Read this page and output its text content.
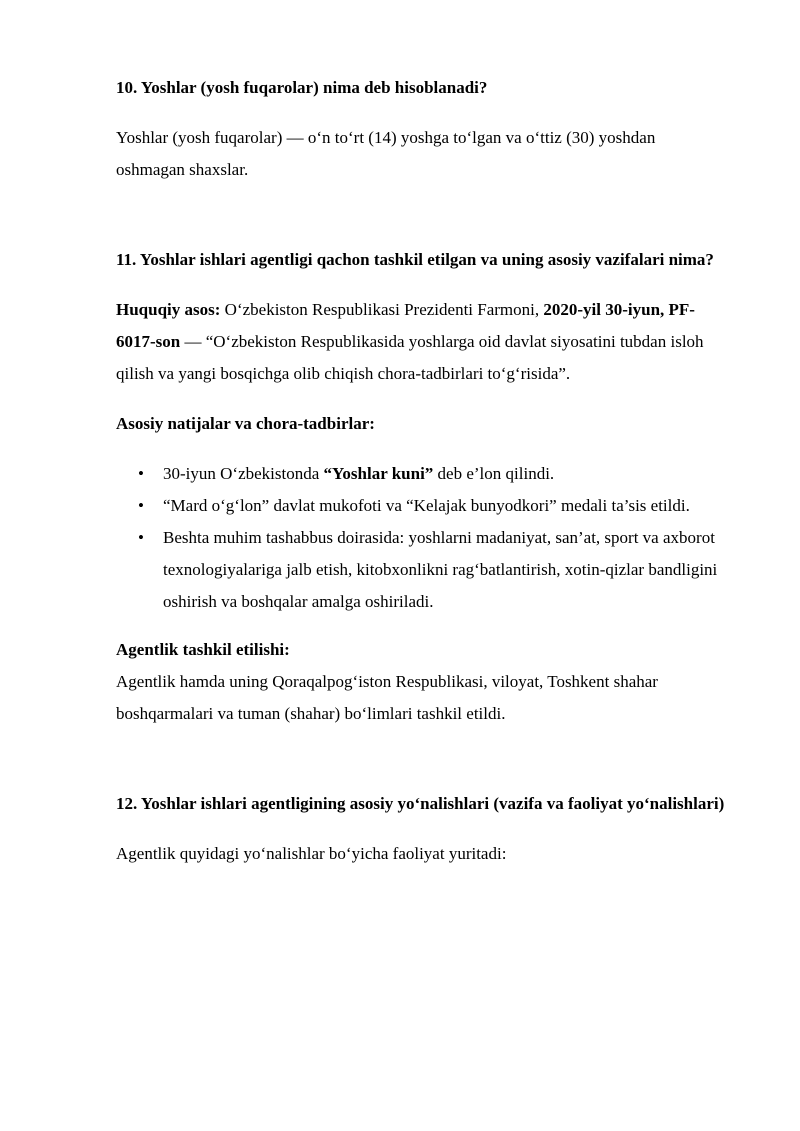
10. Yoshlar (yosh fuqarolar) nima deb hisoblanadi?

Yoshlar (yosh fuqarolar) — o‘n to‘rt (14) yoshga to‘lgan va o‘ttiz (30) yoshdan oshmagan shaxslar.

11. Yoshlar ishlari agentligi qachon tashkil etilgan va uning asosiy vazifalari nima?

Huquqiy asos: O‘zbekiston Respublikasi Prezidenti Farmoni, 2020-yil 30-iyun, PF-6017-son — “O‘zbekiston Respublikasida yoshlarga oid davlat siyosatini tubdan isloh qilish va yangi bosqichga olib chiqish chora-tadbirlari to‘g‘risida”.

Asosiy natijalar va chora-tadbirlar:

• 30-iyun O‘zbekistonda “Yoshlar kuni” deb e’lon qilindi.
• “Mard o‘g‘lon” davlat mukofoti va “Kelajak bunyodkori” medali ta’sis etildi.
• Beshta muhim tashabbus doirasida: yoshlarni madaniyat, san’at, sport va axborot texnologiyalariga jalb etish, kitobxonlikni rag‘batlantirish, xotin-qizlar bandligini oshirish va boshqalar amalga oshiriladi.

Agentlik tashkil etilishi:

Agentlik hamda uning Qoraqalpog‘iston Respublikasi, viloyat, Toshkent shahar boshqarmalari va tuman (shahar) bo‘limlari tashkil etildi.

12. Yoshlar ishlari agentligining asosiy yo‘nalishlari (vazifa va faoliyat yo‘nalishlari)

Agentlik quyidagi yo‘nalishlar bo‘yicha faoliyat yuritadi:
